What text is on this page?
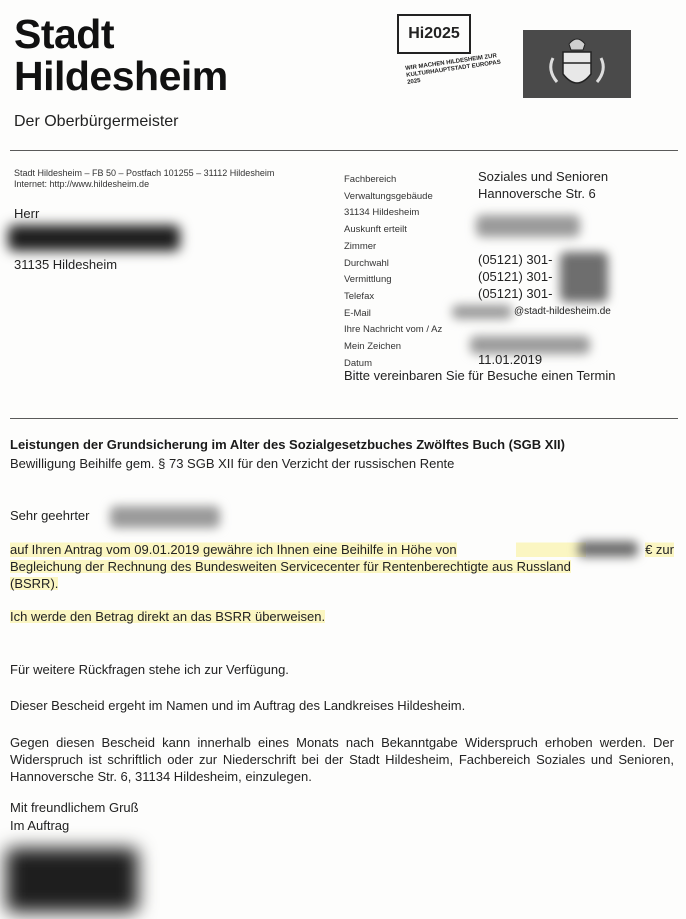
Stadt
Hildesheim
Der Oberbürgermeister
Hi2025
WIR MACHEN HILDESHEIM ZUR KULTURHAUPTSTADT EUROPAS 2025
Stadt Hildesheim – FB 50 – Postfach 101255 – 31112 Hildesheim
Internet: http://www.hildesheim.de
Herr
31135 Hildesheim
Fachbereich
Verwaltungsgebäude
31134 Hildesheim
Auskunft erteilt
Zimmer
Durchwahl
Vermittlung
Telefax
E-Mail
Ihre Nachricht vom / Az
Mein Zeichen
Datum
Soziales und Senioren
Hannoversche Str. 6
(05121) 301-
(05121) 301-
(05121) 301-
@stadt-hildesheim.de
11.01.2019
Bitte vereinbaren Sie für Besuche einen Termin
Leistungen der Grundsicherung im Alter des Sozialgesetzbuches Zwölftes Buch (SGB XII)
Bewilligung Beihilfe gem. § 73 SGB XII für den Verzicht der russischen Rente
Sehr geehrter
auf Ihren Antrag vom 09.01.2019 gewähre ich Ihnen eine Beihilfe in Höhe von	€ zur
Begleichung der Rechnung des Bundesweiten Servicecenter für Rentenberechtigte aus Russland
(BSRR).
Ich werde den Betrag direkt an das BSRR überweisen.
Für weitere Rückfragen stehe ich zur Verfügung.
Dieser Bescheid ergeht im Namen und im Auftrag des Landkreises Hildesheim.
Gegen diesen Bescheid kann innerhalb eines Monats nach Bekanntgabe Widerspruch erhoben werden. Der Widerspruch ist schriftlich oder zur Niederschrift bei der Stadt Hildesheim, Fachbereich Soziales und Senioren, Hannoversche Str. 6, 31134 Hildesheim, einzulegen.
Mit freundlichem Gruß
Im Auftrag
